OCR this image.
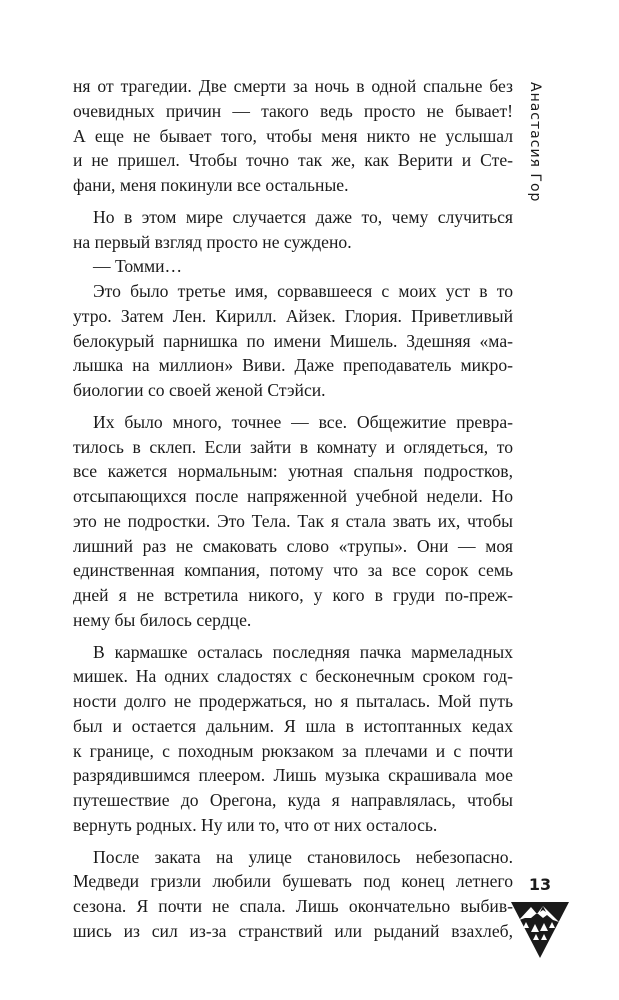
Анастасия Гор

ня от трагедии. Две смерти за ночь в одной спальне без

очевидных причин — такого ведь просто не бывает!

А еще не бывает того, чтобы меня никто не услышал

и не пришел. Чтобы точно так же, как Верити и Сте-

фани, меня покинули все остальные.

Но в этом мире случается даже то, чему случиться

на первый взгляд просто не суждено.

— Томми…

Это было третье имя, сорвавшееся с моих уст в то

утро. Затем Лен. Кирилл. Айзек. Глория. Приветливый

белокурый парнишка по имени Мишель. Здешняя «ма-

лышка на миллион» Виви. Даже преподаватель микро-

биологии со своей женой Стэйси.

Их было много, точнее — все. Общежитие превра-

тилось в склеп. Если зайти в комнату и оглядеться, то

все кажется нормальным: уютная спальня подростков,

отсыпающихся после напряженной учебной недели. Но

это не подростки. Это Тела. Так я стала звать их, чтобы

лишний раз не смаковать слово «трупы». Они — моя

единственная компания, потому что за все сорок семь

дней я не встретила никого, у кого в груди по-преж-

нему бы билось сердце.

В кармашке осталась последняя пачка мармеладных

мишек. На одних сладостях с бесконечным сроком год-

ности долго не продержаться, но я пыталась. Мой путь

был и остается дальним. Я шла в истоптанных кедах

к границе, с походным рюкзаком за плечами и с почти

разрядившимся плеером. Лишь музыка скрашивала мое

путешествие до Орегона, куда я направлялась, чтобы

вернуть родных. Ну или то, что от них осталось.

После заката на улице становилось небезопасно.

Медведи гризли любили бушевать под конец летнего

сезона. Я почти не спала. Лишь окончательно выбив-

шись из сил из-за странствий или рыданий взахлеб,

13
